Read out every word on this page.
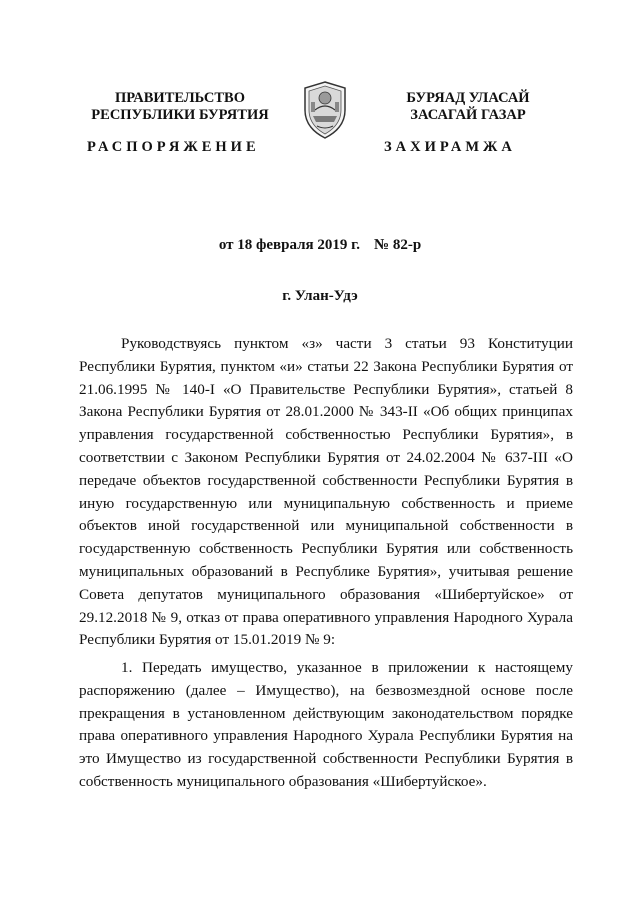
ПРАВИТЕЛЬСТВО
РЕСПУБЛИКИ БУРЯТИЯ
РАСПОРЯЖЕНИЕ
БУРЯАД УЛАСАЙ
ЗАСАГАЙ ГАЗАР
ЗАХИРАМЖА
от 18 февраля 2019 г. № 82-р
г. Улан-Удэ

Руководствуясь пунктом «з» части 3 статьи 93 Конституции Республики Бурятия, пунктом «и» статьи 22 Закона Республики Бурятия от 21.06.1995 № 140-I «О Правительстве Республики Бурятия», статьей 8 Закона Республики Бурятия от 28.01.2000 № 343-II «Об общих принципах управления государственной собственностью Республики Бурятия», в соответствии с Законом Республики Бурятия от 24.02.2004 № 637-III «О передаче объектов государственной собственности Республики Бурятия в иную государственную или муниципальную собственность и приеме объектов иной государственной или муниципальной собственности в государственную собственность Республики Бурятия или собственность муниципальных образований в Республике Бурятия», учитывая решение Совета депутатов муниципального образования «Шибертуйское» от 29.12.2018 № 9, отказ от права оперативного управления Народного Хурала Республики Бурятия от 15.01.2019 № 9:

1. Передать имущество, указанное в приложении к настоящему распоряжению (далее – Имущество), на безвозмездной основе после прекращения в установленном действующим законодательством порядке права оперативного управления Народного Хурала Республики Бурятия на это Имущество из государственной собственности Республики Бурятия в собственность муниципального образования «Шибертуйское».
